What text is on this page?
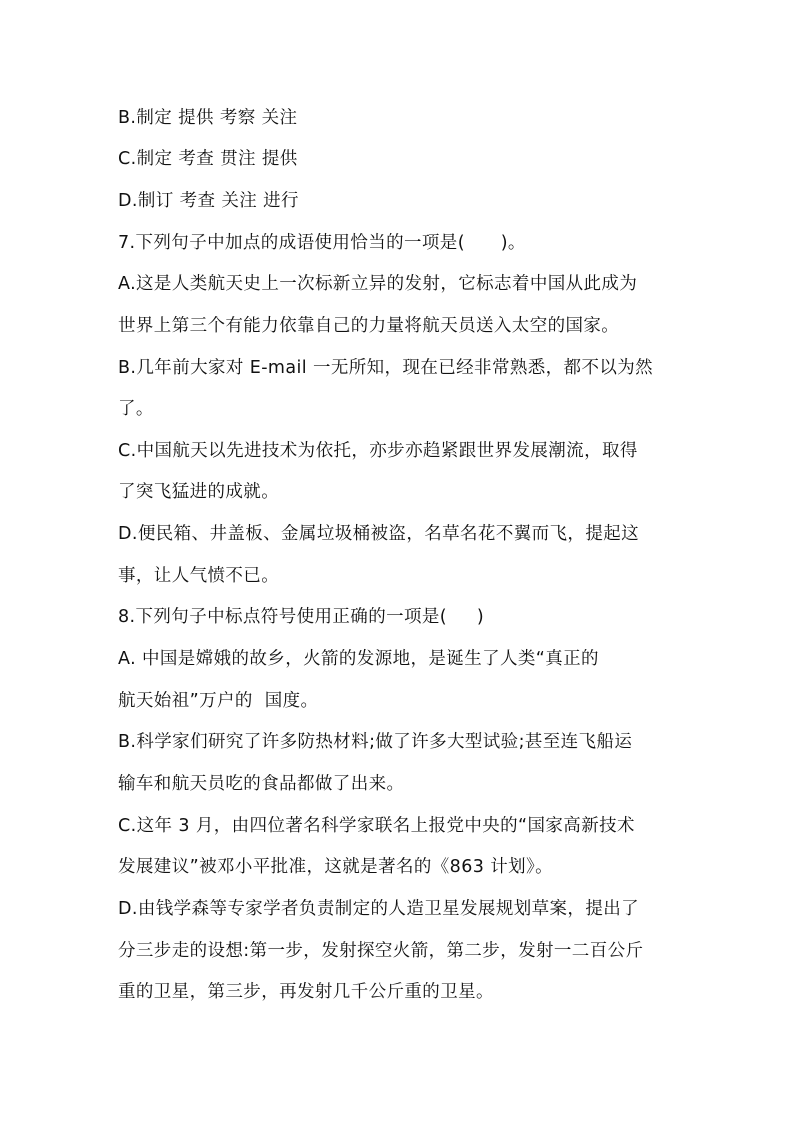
B.制定 提供 考察 关注
C.制定 考查 贯注 提供
D.制订 考查 关注 进行
7.下列句子中加点的成语使用恰当的一项是(      )。
A.这是人类航天史上一次标新立异的发射，它标志着中国从此成为
世界上第三个有能力依靠自己的力量将航天员送入太空的国家。
B.几年前大家对 E-mail 一无所知，现在已经非常熟悉，都不以为然
了。
C.中国航天以先进技术为依托，亦步亦趋紧跟世界发展潮流，取得
了突飞猛进的成就。
D.便民箱、井盖板、金属垃圾桶被盗，名草名花不翼而飞，提起这
事，让人气愤不已。
8.下列句子中标点符号使用正确的一项是(     )
A. 中国是嫦娥的故乡，火箭的发源地，是诞生了人类“真正的
航天始祖”万户的  国度。
B.科学家们研究了许多防热材料;做了许多大型试验;甚至连飞船运
输车和航天员吃的食品都做了出来。
C.这年 3 月，由四位著名科学家联名上报党中央的“国家高新技术
发展建议”被邓小平批准，这就是著名的《863 计划》。
D.由钱学森等专家学者负责制定的人造卫星发展规划草案，提出了
分三步走的设想:第一步，发射探空火箭，第二步，发射一二百公斤
重的卫星，第三步，再发射几千公斤重的卫星。
